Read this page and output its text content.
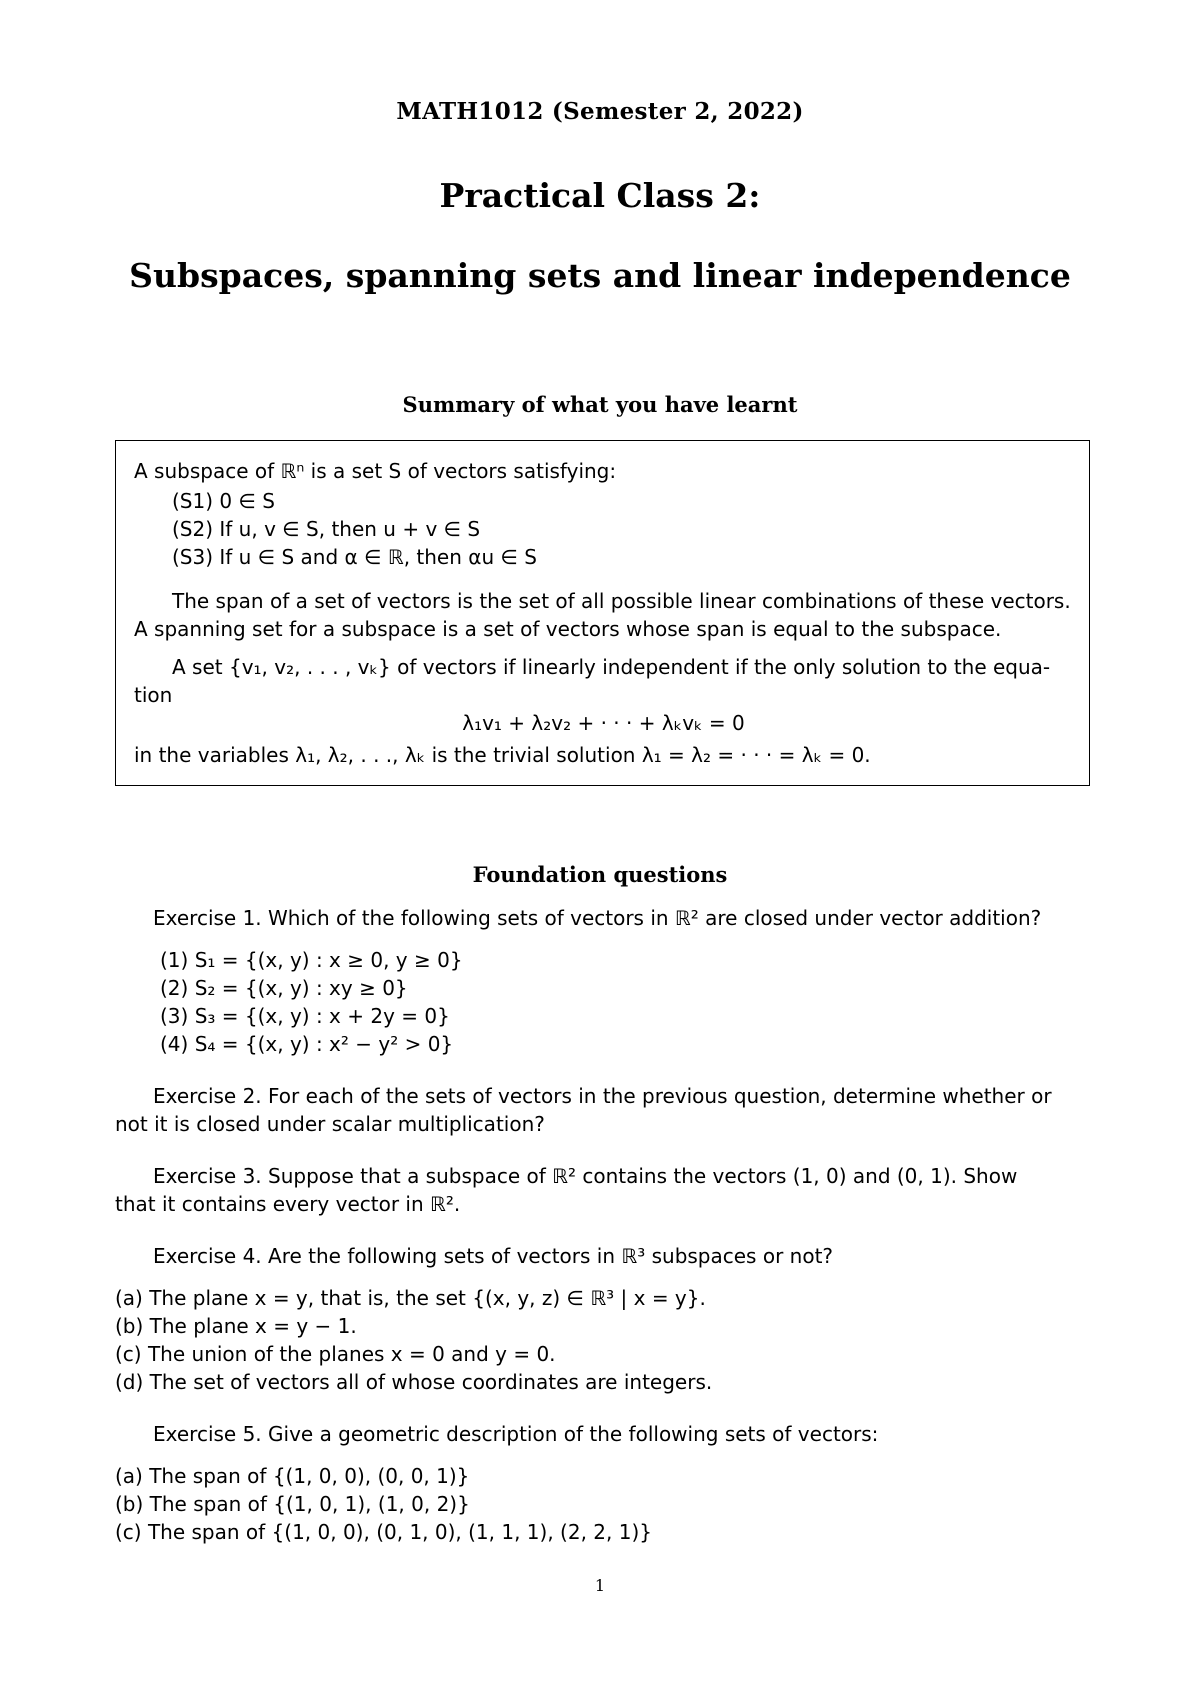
MATH1012 (Semester 2, 2022)
Practical Class 2:
Subspaces, spanning sets and linear independence
Summary of what you have learnt
A subspace of ℝⁿ is a set S of vectors satisfying:
(S1) 0 ∈ S
(S2) If u, v ∈ S, then u + v ∈ S
(S3) If u ∈ S and α ∈ ℝ, then αu ∈ S
The span of a set of vectors is the set of all possible linear combinations of these vectors.
A spanning set for a subspace is a set of vectors whose span is equal to the subspace.
A set {v₁, v₂, . . . , vₖ} of vectors if linearly independent if the only solution to the equa-
tion
λ₁v₁ + λ₂v₂ + · · · + λₖvₖ = 0
in the variables λ₁, λ₂, . . ., λₖ is the trivial solution λ₁ = λ₂ = · · · = λₖ = 0.
Foundation questions
Exercise 1. Which of the following sets of vectors in ℝ² are closed under vector addition?
(1) S₁ = {(x, y) : x ≥ 0, y ≥ 0}
(2) S₂ = {(x, y) : xy ≥ 0}
(3) S₃ = {(x, y) : x + 2y = 0}
(4) S₄ = {(x, y) : x² − y² > 0}
Exercise 2. For each of the sets of vectors in the previous question, determine whether or
not it is closed under scalar multiplication?
Exercise 3. Suppose that a subspace of ℝ² contains the vectors (1, 0) and (0, 1). Show
that it contains every vector in ℝ².
Exercise 4. Are the following sets of vectors in ℝ³ subspaces or not?
(a) The plane x = y, that is, the set {(x, y, z) ∈ ℝ³ | x = y}.
(b) The plane x = y − 1.
(c) The union of the planes x = 0 and y = 0.
(d) The set of vectors all of whose coordinates are integers.
Exercise 5. Give a geometric description of the following sets of vectors:
(a) The span of {(1, 0, 0), (0, 0, 1)}
(b) The span of {(1, 0, 1), (1, 0, 2)}
(c) The span of {(1, 0, 0), (0, 1, 0), (1, 1, 1), (2, 2, 1)}
1
